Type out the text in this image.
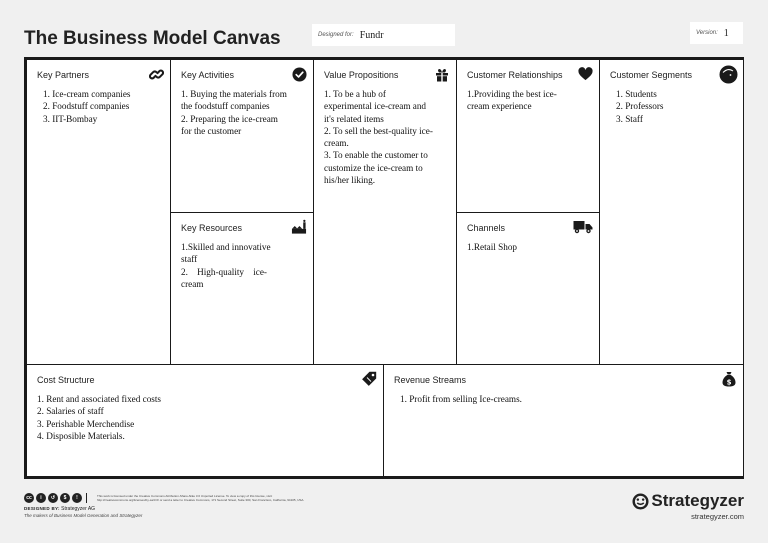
The Business Model Canvas	Designed for: Fundr	Version: 1
Key Partners
1. Ice-cream companies
2. Foodstuff companies
3. IIT-Bombay
Key Activities
1. Buying the materials from
the foodstuff companies
2. Preparing the ice-cream
for the customer
Key Resources
1.Skilled and innovative
staff
2.    High-quality    ice-
cream
Value Propositions
1. To be a hub of
experimental ice-cream and
it's related items
2. To sell the best-quality ice-
cream.
3. To enable the customer to
customize the ice-cream to
his/her liking.
Customer Relationships
1.Providing the best ice-
cream experience
Channels
1.Retail Shop
Customer Segments
1. Students
2. Professors
3. Staff
Cost Structure
1. Rent and associated fixed costs
2. Salaries of staff
3. Perishable Merchendise
4. Disposible Materials.
Revenue Streams	$
1. Profit from selling Ice-creams.
cc	i	↺	$	!	This work is licensed under the Creative Commons Attribution-Share Alike 3.0 Unported License. To view a copy of this license, visit:
http://creativecommons.org/licenses/by-sa/3.0/ or send a letter to Creative Commons, 171 Second Street, Suite 300, San Francisco, California, 94105, USA.
DESIGNED BY: Strategyzer AG
The makers of Business Model Generation and Strategyzer
Strategyzer
strategyzer.com
